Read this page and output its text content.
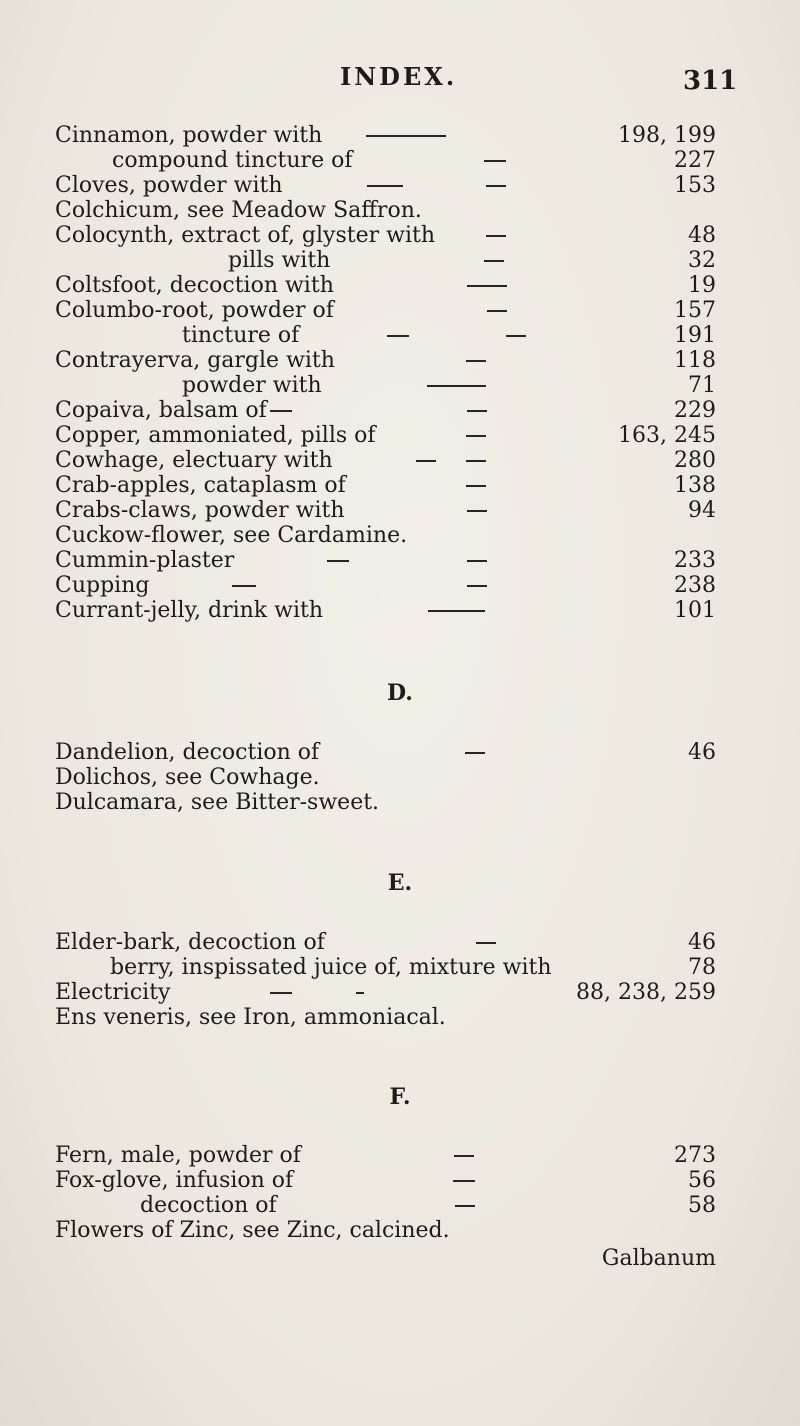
INDEX.	311
Cinnamon, powder with	198, 199
compound tincture of	227
Cloves, powder with	153
Colchicum, see Meadow Saffron.
Colocynth, extract of, glyster with	48
pills with	32
Coltsfoot, decoction with	19
Columbo-root, powder of	157
tincture of	191
Contrayerva, gargle with	118
powder with	71
Copaiva, balsam of	229
Copper, ammoniated, pills of	163, 245
Cowhage, electuary with	280
Crab-apples, cataplasm of	138
Crabs-claws, powder with	94
Cuckow-flower, see Cardamine.
Cummin-plaster	233
Cupping	238
Currant-jelly, drink with	101
D.
Dandelion, decoction of	46
Dolichos, see Cowhage.
Dulcamara, see Bitter-sweet.
E.
Elder-bark, decoction of	46
berry, inspissated juice of, mixture with	78
Electricity	88, 238, 259
Ens veneris, see Iron, ammoniacal.
F.
Fern, male, powder of	273
Fox-glove, infusion of	56
decoction of	58
Flowers of Zinc, see Zinc, calcined.
Galbanum
